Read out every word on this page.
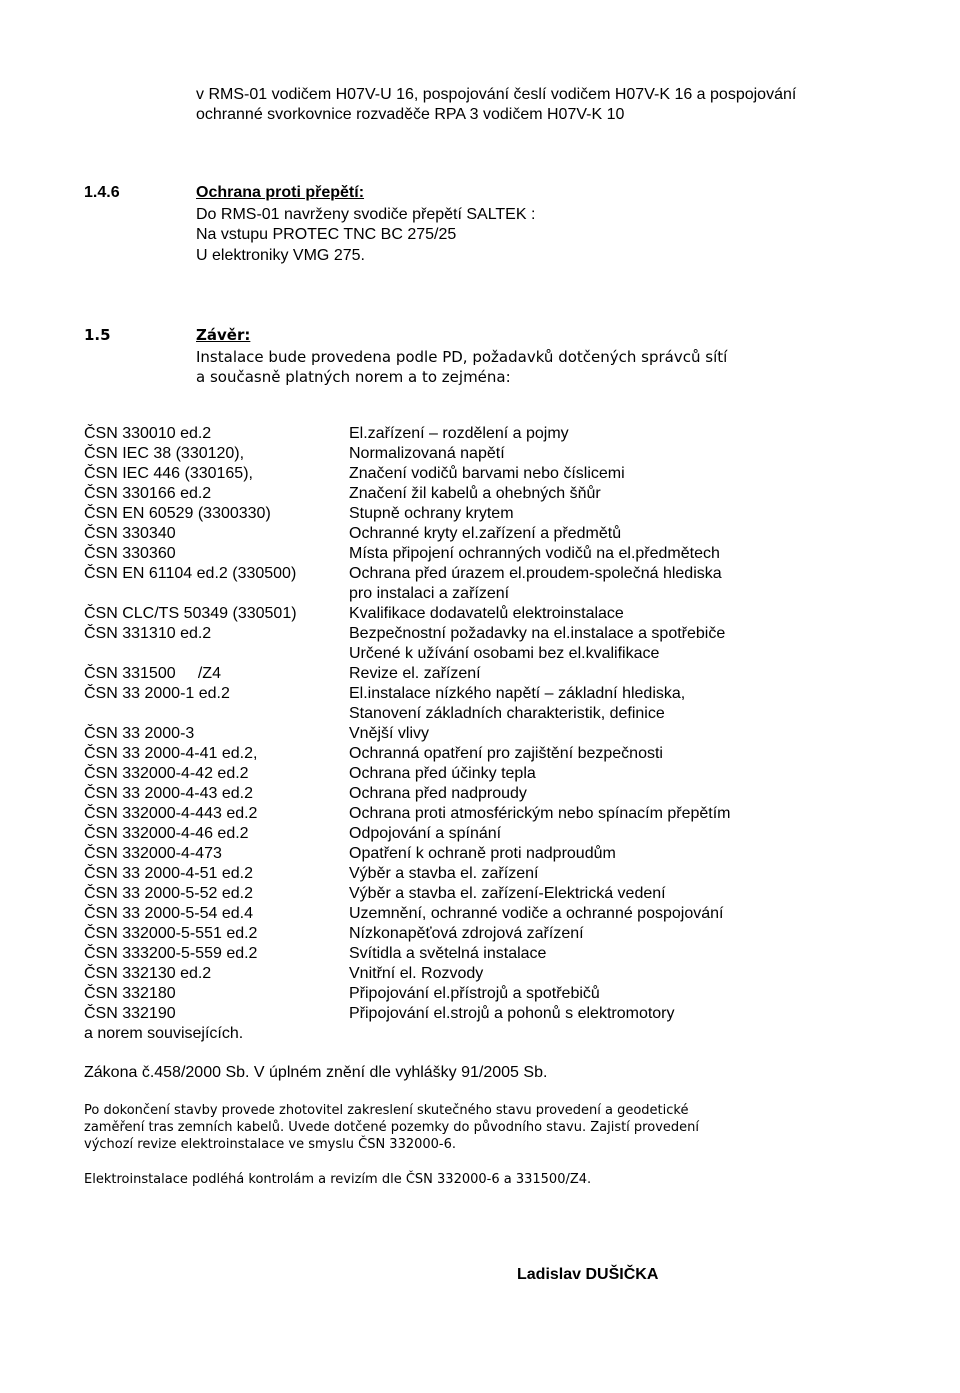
v RMS-01 vodičem H07V-U 16, pospojování česlí vodičem H07V-K 16 a pospojování
ochranné svorkovnice rozvaděče RPA 3 vodičem H07V-K 10
1.4.6	Ochrana proti přepětí:
Do RMS-01 navrženy svodiče přepětí SALTEK :
Na vstupu PROTEC TNC BC 275/25
U elektroniky VMG 275.
1.5	Závěr:
Instalace bude provedena podle PD, požadavků dotčených správců sítí
a současně platných norem a to zejména:
ČSN 330010 ed.2
ČSN IEC 38 (330120),
ČSN IEC 446 (330165),
ČSN 330166 ed.2
ČSN EN 60529 (3300330)
ČSN 330340
ČSN 330360
ČSN EN 61104 ed.2 (330500)
ČSN CLC/TS 50349 (330501)
ČSN 331310 ed.2
ČSN 331500     /Z4
ČSN 33 2000-1 ed.2
ČSN 33 2000-3
ČSN 33 2000-4-41 ed.2,
ČSN 332000-4-42 ed.2
ČSN 33 2000-4-43 ed.2
ČSN 332000-4-443 ed.2
ČSN 332000-4-46 ed.2
ČSN 332000-4-473
ČSN 33 2000-4-51 ed.2
ČSN 33 2000-5-52 ed.2
ČSN 33 2000-5-54 ed.4
ČSN 332000-5-551 ed.2
ČSN 333200-5-559 ed.2
ČSN 332130 ed.2
ČSN 332180
ČSN 332190
a norem souvisejících.
El.zařízení – rozdělení a pojmy
Normalizovaná napětí
Značení vodičů barvami nebo číslicemi
Značení žil kabelů a ohebných šňůr
Stupně ochrany krytem
Ochranné kryty el.zařízení a předmětů
Místa připojení ochranných vodičů na el.předmětech
Ochrana před úrazem el.proudem-společná hlediska
pro instalaci a zařízení
Kvalifikace dodavatelů elektroinstalace
Bezpečnostní požadavky na el.instalace a spotřebiče
Určené k užívání osobami bez el.kvalifikace
Revize el. zařízení
El.instalace nízkého napětí – základní hlediska,
Stanovení základních charakteristik, definice
Vnější vlivy
Ochranná opatření pro zajištění bezpečnosti
Ochrana před účinky tepla
Ochrana před nadproudy
Ochrana proti atmosférickým nebo spínacím přepětím
Odpojování a spínání
Opatření k ochraně proti nadproudům
Výběr a stavba el. zařízení
Výběr a stavba el. zařízení-Elektrická vedení
Uzemnění, ochranné vodiče a ochranné pospojování
Nízkonapěťová zdrojová zařízení
Svítidla a světelná instalace
Vnitřní el. Rozvody
Připojování el.přístrojů a spotřebičů
Připojování el.strojů a pohonů s elektromotory
Zákona č.458/2000 Sb. V úplném znění dle vyhlášky 91/2005 Sb.
Po dokončení stavby provede zhotovitel zakreslení skutečného stavu provedení a geodetické
zaměření tras zemních kabelů. Uvede dotčené pozemky do původního stavu. Zajistí provedení
výchozí revize elektroinstalace ve smyslu ČSN 332000-6.
Elektroinstalace podléhá kontrolám a revizím dle ČSN 332000-6 a 331500/Z4.
Ladislav DUŠIČKA
